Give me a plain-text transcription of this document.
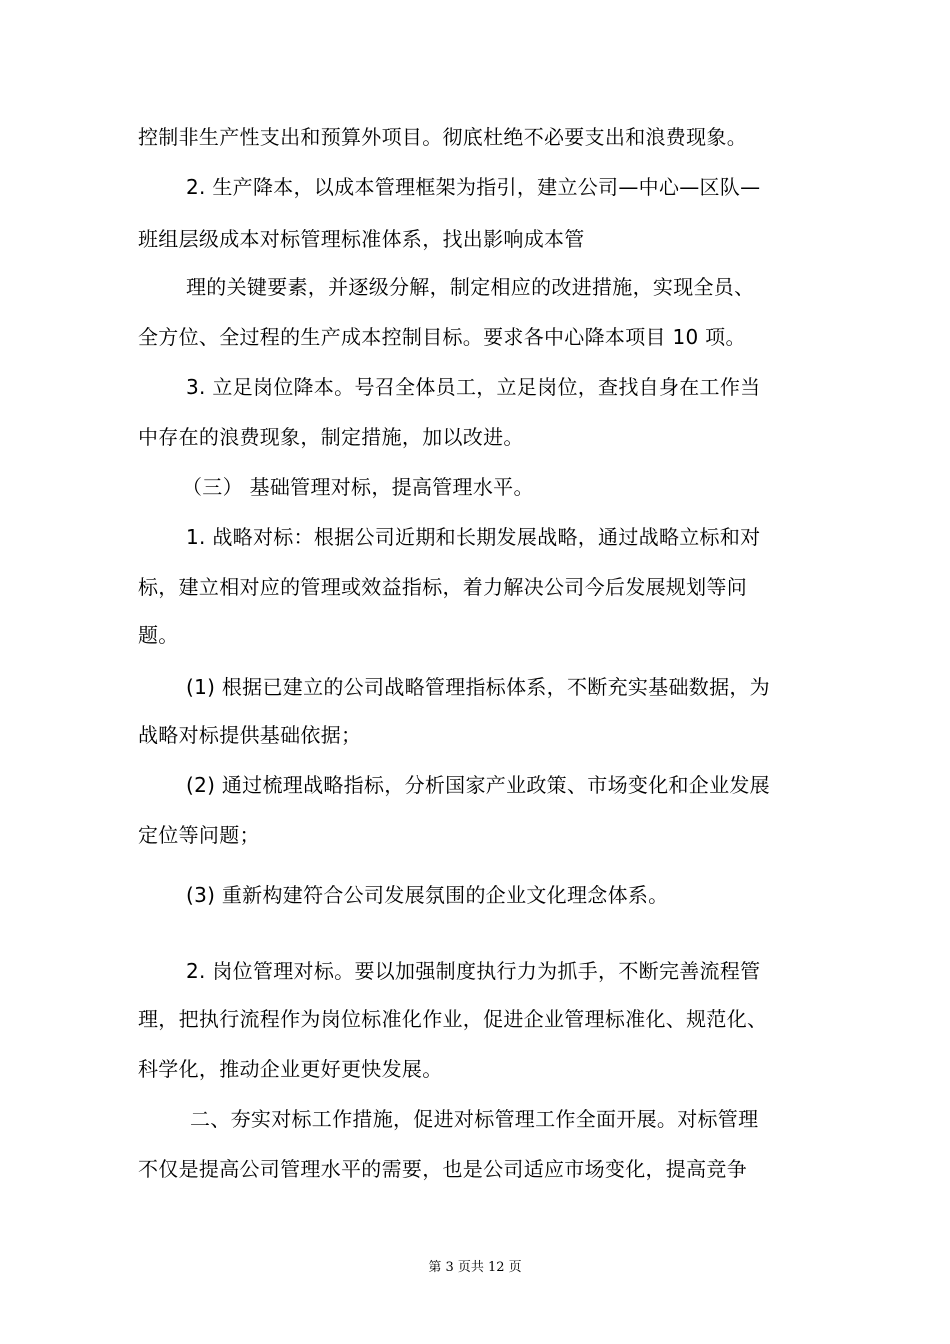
控制非生产性支出和预算外项目。彻底杜绝不必要支出和浪费现象。
2. 生产降本，以成本管理框架为指引，建立公司—中心—区队—
班组层级成本对标管理标准体系，找出影响成本管
理的关键要素，并逐级分解，制定相应的改进措施，实现全员、
全方位、全过程的生产成本控制目标。要求各中心降本项目 10 项。
3. 立足岗位降本。号召全体员工，立足岗位，查找自身在工作当
中存在的浪费现象，制定措施，加以改进。
（三） 基础管理对标，提高管理水平。
1. 战略对标：根据公司近期和长期发展战略，通过战略立标和对
标，建立相对应的管理或效益指标，着力解决公司今后发展规划等问
题。
(1) 根据已建立的公司战略管理指标体系，不断充实基础数据，为
战略对标提供基础依据；
(2) 通过梳理战略指标，分析国家产业政策、市场变化和企业发展
定位等问题；
(3) 重新构建符合公司发展氛围的企业文化理念体系。
2. 岗位管理对标。要以加强制度执行力为抓手，不断完善流程管
理，把执行流程作为岗位标准化作业，促进企业管理标准化、规范化、
科学化，推动企业更好更快发展。
二、夯实对标工作措施，促进对标管理工作全面开展。对标管理
不仅是提高公司管理水平的需要，也是公司适应市场变化，提高竞争
第 3 页共 12 页
